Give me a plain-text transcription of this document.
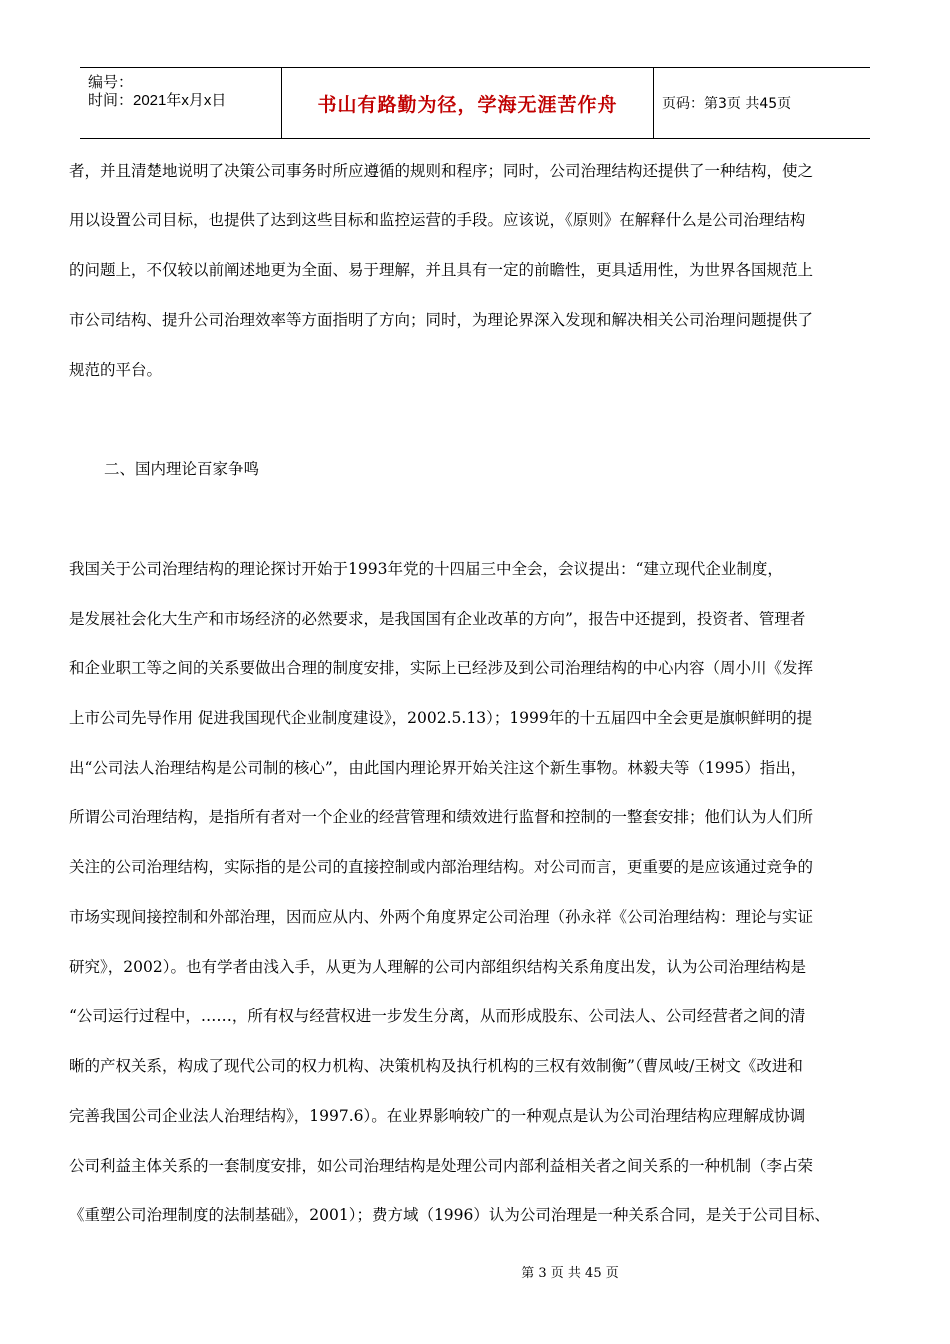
编号：
时间：2021年x月x日	书山有路勤为径，学海无涯苦作舟	页码：第3页 共45页
者，并且清楚地说明了决策公司事务时所应遵循的规则和程序；同时，公司治理结构还提供了一种结构，使之
用以设置公司目标，也提供了达到这些目标和监控运营的手段。应该说，《原则》在解释什么是公司治理结构
的问题上，不仅较以前阐述地更为全面、易于理解，并且具有一定的前瞻性，更具适用性，为世界各国规范上
市公司结构、提升公司治理效率等方面指明了方向；同时，为理论界深入发现和解决相关公司治理问题提供了
规范的平台。
二、国内理论百家争鸣
我国关于公司治理结构的理论探讨开始于1993年党的十四届三中全会，会议提出：“建立现代企业制度，
是发展社会化大生产和市场经济的必然要求，是我国国有企业改革的方向”，报告中还提到，投资者、管理者
和企业职工等之间的关系要做出合理的制度安排，实际上已经涉及到公司治理结构的中心内容（周小川《发挥
上市公司先导作用 促进我国现代企业制度建设》，2002.5.13）；1999年的十五届四中全会更是旗帜鲜明的提
出“公司法人治理结构是公司制的核心”，由此国内理论界开始关注这个新生事物。林毅夫等（1995）指出，
所谓公司治理结构，是指所有者对一个企业的经营管理和绩效进行监督和控制的一整套安排；他们认为人们所
关注的公司治理结构，实际指的是公司的直接控制或内部治理结构。对公司而言，更重要的是应该通过竞争的
市场实现间接控制和外部治理，因而应从内、外两个角度界定公司治理（孙永祥《公司治理结构：理论与实证
研究》，2002）。也有学者由浅入手，从更为人理解的公司内部组织结构关系角度出发，认为公司治理结构是
“公司运行过程中，……，所有权与经营权进一步发生分离，从而形成股东、公司法人、公司经营者之间的清
晰的产权关系，构成了现代公司的权力机构、决策机构及执行机构的三权有效制衡”（曹凤岐/王树文《改进和
完善我国公司企业法人治理结构》，1997.6）。在业界影响较广的一种观点是认为公司治理结构应理解成协调
公司利益主体关系的一套制度安排，如公司治理结构是处理公司内部利益相关者之间关系的一种机制（李占荣
《重塑公司治理制度的法制基础》，2001）；费方域（1996）认为公司治理是一种关系合同，是关于公司目标、
第 3 页 共 45 页
